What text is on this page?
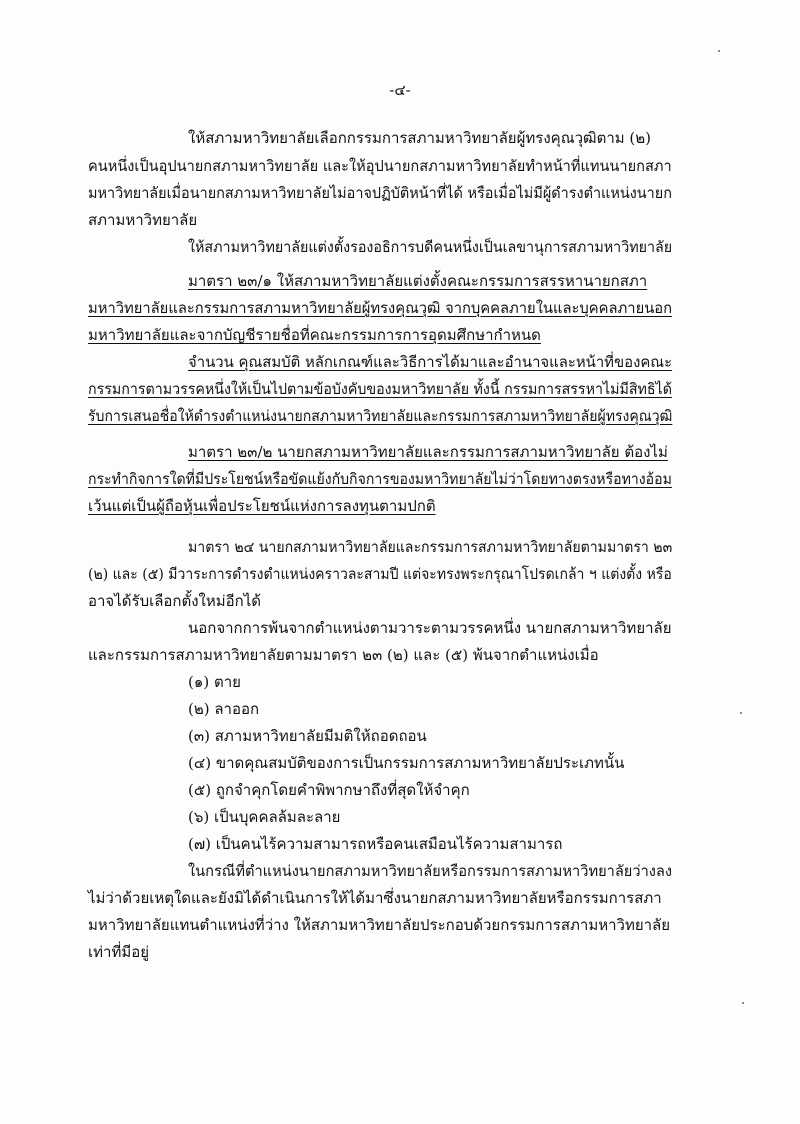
-๔-
ให้สภามหาวิทยาลัยเลือกกรรมการสภามหาวิทยาลัยผู้ทรงคุณวุฒิตาม (๒)
คนหนึ่งเป็นอุปนายกสภามหาวิทยาลัย และให้อุปนายกสภามหาวิทยาลัยทำหน้าที่แทนนายกสภา
มหาวิทยาลัยเมื่อนายกสภามหาวิทยาลัยไม่อาจปฏิบัติหน้าที่ได้ หรือเมื่อไม่มีผู้ดำรงตำแหน่งนายก
สภามหาวิทยาลัย
ให้สภามหาวิทยาลัยแต่งตั้งรองอธิการบดีคนหนึ่งเป็นเลขานุการสภามหาวิทยาลัย
มาตรา ๒๓/๑ ให้สภามหาวิทยาลัยแต่งตั้งคณะกรรมการสรรหานายกสภา
มหาวิทยาลัยและกรรมการสภามหาวิทยาลัยผู้ทรงคุณวุฒิ จากบุคคลภายในและบุคคลภายนอก
มหาวิทยาลัยและจากบัญชีรายชื่อที่คณะกรรมการการอุดมศึกษากำหนด
จำนวน คุณสมบัติ หลักเกณฑ์และวิธีการได้มาและอำนาจและหน้าที่ของคณะ
กรรมการตามวรรคหนึ่งให้เป็นไปตามข้อบังคับของมหาวิทยาลัย ทั้งนี้ กรรมการสรรหาไม่มีสิทธิได้
รับการเสนอชื่อให้ดำรงตำแหน่งนายกสภามหาวิทยาลัยและกรรมการสภามหาวิทยาลัยผู้ทรงคุณวุฒิ
มาตรา ๒๓/๒ นายกสภามหาวิทยาลัยและกรรมการสภามหาวิทยาลัย ต้องไม่
กระทำกิจการใดที่มีประโยชน์หรือขัดแย้งกับกิจการของมหาวิทยาลัยไม่ว่าโดยทางตรงหรือทางอ้อม
เว้นแต่เป็นผู้ถือหุ้นเพื่อประโยชน์แห่งการลงทุนตามปกติ
มาตรา ๒๔ นายกสภามหาวิทยาลัยและกรรมการสภามหาวิทยาลัยตามมาตรา ๒๓
(๒) และ (๕) มีวาระการดำรงตำแหน่งคราวละสามปี แต่จะทรงพระกรุณาโปรดเกล้า ฯ แต่งตั้ง หรือ
อาจได้รับเลือกตั้งใหม่อีกได้
นอกจากการพ้นจากตำแหน่งตามวาระตามวรรคหนึ่ง นายกสภามหาวิทยาลัย
และกรรมการสภามหาวิทยาลัยตามมาตรา ๒๓ (๒) และ (๕) พ้นจากตำแหน่งเมื่อ
(๑) ตาย
(๒) ลาออก
(๓) สภามหาวิทยาลัยมีมติให้ถอดถอน
(๔) ขาดคุณสมบัติของการเป็นกรรมการสภามหาวิทยาลัยประเภทนั้น
(๕) ถูกจำคุกโดยคำพิพากษาถึงที่สุดให้จำคุก
(๖) เป็นบุคคลล้มละลาย
(๗) เป็นคนไร้ความสามารถหรือคนเสมือนไร้ความสามารถ
ในกรณีที่ตำแหน่งนายกสภามหาวิทยาลัยหรือกรรมการสภามหาวิทยาลัยว่างลง
ไม่ว่าด้วยเหตุใดและยังมิได้ดำเนินการให้ได้มาซึ่งนายกสภามหาวิทยาลัยหรือกรรมการสภา
มหาวิทยาลัยแทนตำแหน่งที่ว่าง ให้สภามหาวิทยาลัยประกอบด้วยกรรมการสภามหาวิทยาลัย
เท่าที่มีอยู่
